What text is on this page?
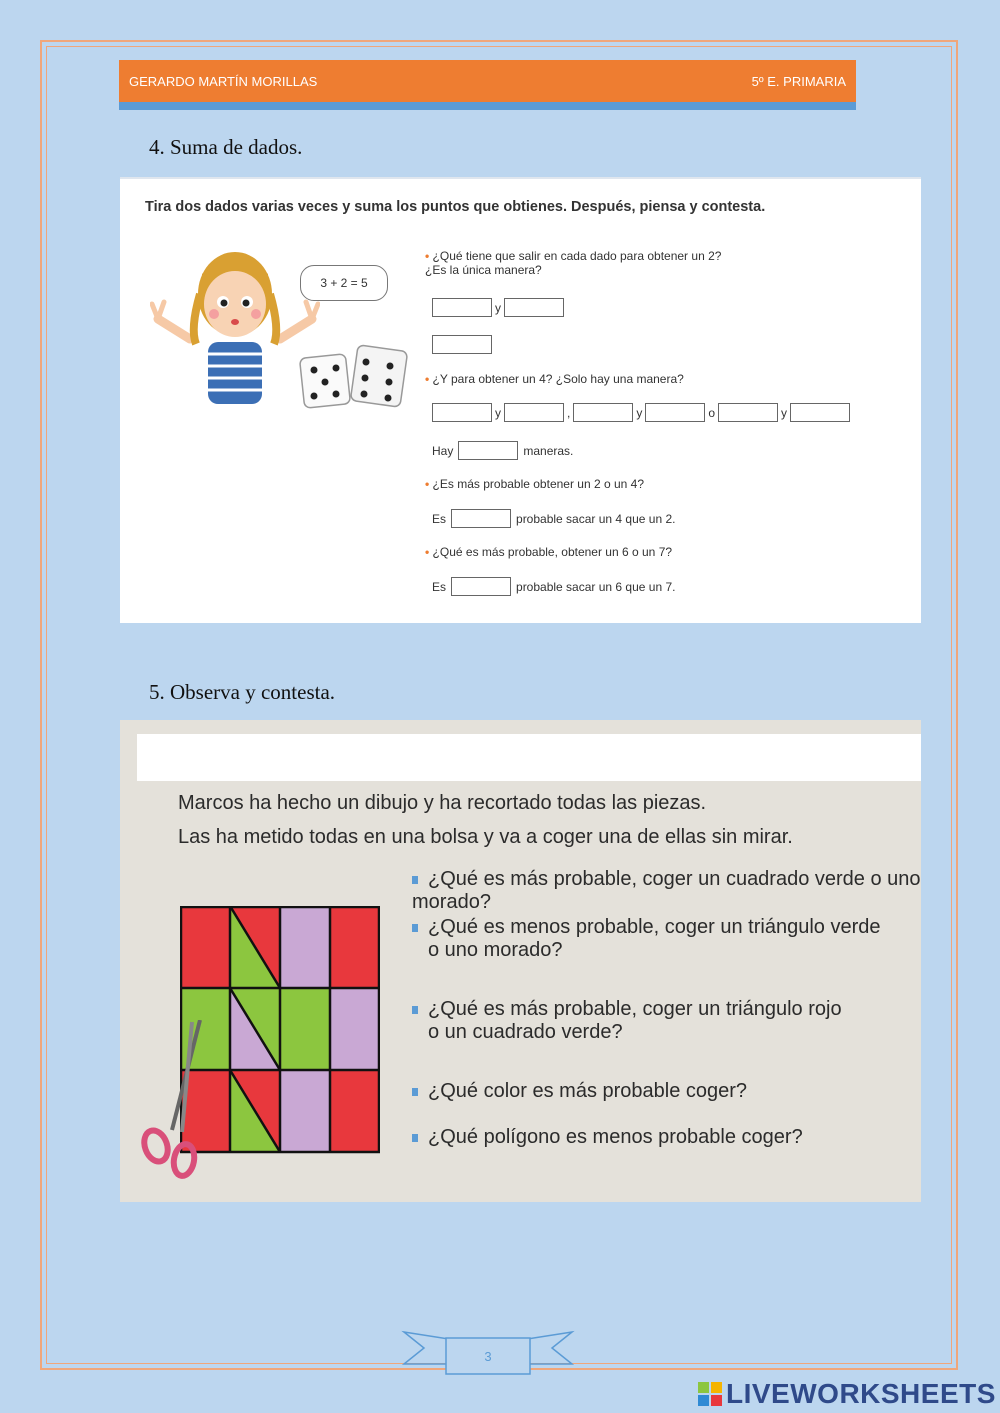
GERARDO MARTÍN MORILLAS	5º E. PRIMARIA
4. Suma de dados.
Tira dos dados varias veces y suma los puntos que obtienes. Después, piensa y contesta.
3 + 2 = 5
• ¿Qué tiene que salir en cada dado para obtener un 2?
¿Es la única manera?
y
• ¿Y para obtener un 4? ¿Solo hay una manera?
y	,	y	o	y
Hay	maneras.
• ¿Es más probable obtener un 2 o un 4?
Es	probable sacar un 4 que un 2.
• ¿Qué es más probable, obtener un 6 o un 7?
Es	probable sacar un 6 que un 7.
5. Observa y contesta.
Marcos ha hecho un dibujo y ha recortado todas las piezas.
Las ha metido todas en una bolsa y va a coger una de ellas sin mirar.
¿Qué es más probable, coger un cuadrado verde o uno morado?
¿Qué es menos probable, coger un triángulo verde
o uno morado?
¿Qué es más probable, coger un triángulo rojo
o un cuadrado verde?
¿Qué color es más probable coger?
¿Qué polígono es menos probable coger?
3
LIVEWORKSHEETS
